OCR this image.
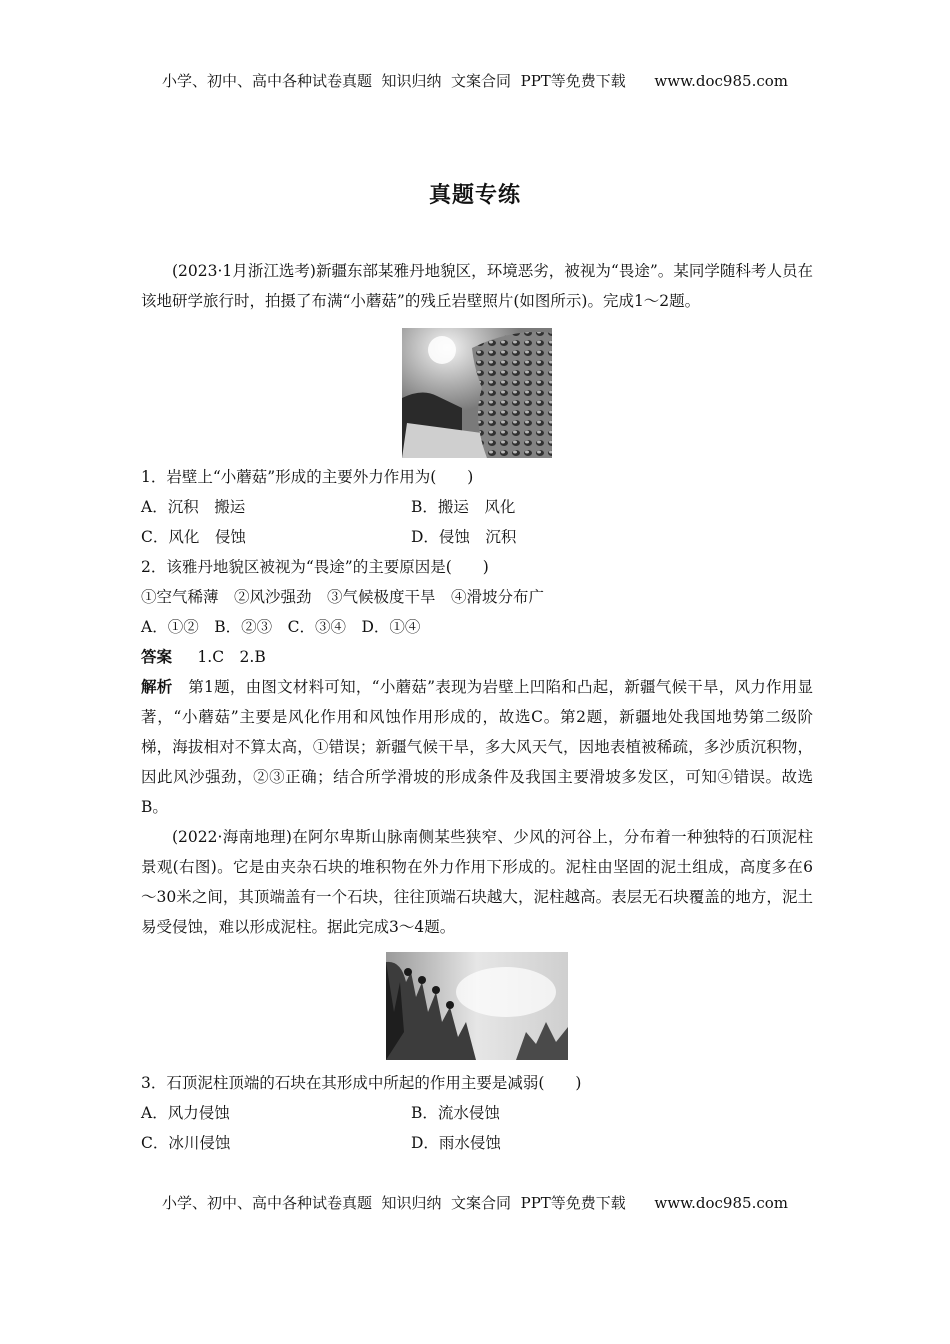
小学、初中、高中各种试卷真题  知识归纳  文案合同  PPT等免费下载      www.doc985.com
真题专练

(2023·1月浙江选考)新疆东部某雅丹地貌区，环境恶劣，被视为“畏途”。某同学随科考人员在该地研学旅行时，拍摄了布满“小蘑菇”的残丘岩壁照片(如图所示)。完成1～2题。

1．岩壁上“小蘑菇”形成的主要外力作用为(　　)

A．沉积　搬运	B．搬运　风化
C．风化　侵蚀	D．侵蚀　沉积

2．该雅丹地貌区被视为“畏途”的主要原因是(　　)

①空气稀薄　②风沙强劲　③气候极度干旱　④滑坡分布广

A．①②　B．②③　C．③④　D．①④

答案 　 1.C　2.B

解析　 第1题，由图文材料可知，“小蘑菇”表现为岩壁上凹陷和凸起，新疆气候干旱，风力作用显著，“小蘑菇”主要是风化作用和风蚀作用形成的，故选C。第2题，新疆地处我国地势第二级阶梯，海拔相对不算太高，①错误；新疆气候干旱，多大风天气，因地表植被稀疏，多沙质沉积物，因此风沙强劲，②③正确；结合所学滑坡的形成条件及我国主要滑坡多发区，可知④错误。故选B。

(2022·海南地理)在阿尔卑斯山脉南侧某些狭窄、少风的河谷上，分布着一种独特的石顶泥柱景观(右图)。它是由夹杂石块的堆积物在外力作用下形成的。泥柱由坚固的泥土组成，高度多在6～30米之间，其顶端盖有一个石块，往往顶端石块越大，泥柱越高。表层无石块覆盖的地方，泥土易受侵蚀，难以形成泥柱。据此完成3～4题。

3．石顶泥柱顶端的石块在其形成中所起的作用主要是减弱(　　)

A．风力侵蚀	B．流水侵蚀
C．冰川侵蚀	D．雨水侵蚀
小学、初中、高中各种试卷真题  知识归纳  文案合同  PPT等免费下载      www.doc985.com
